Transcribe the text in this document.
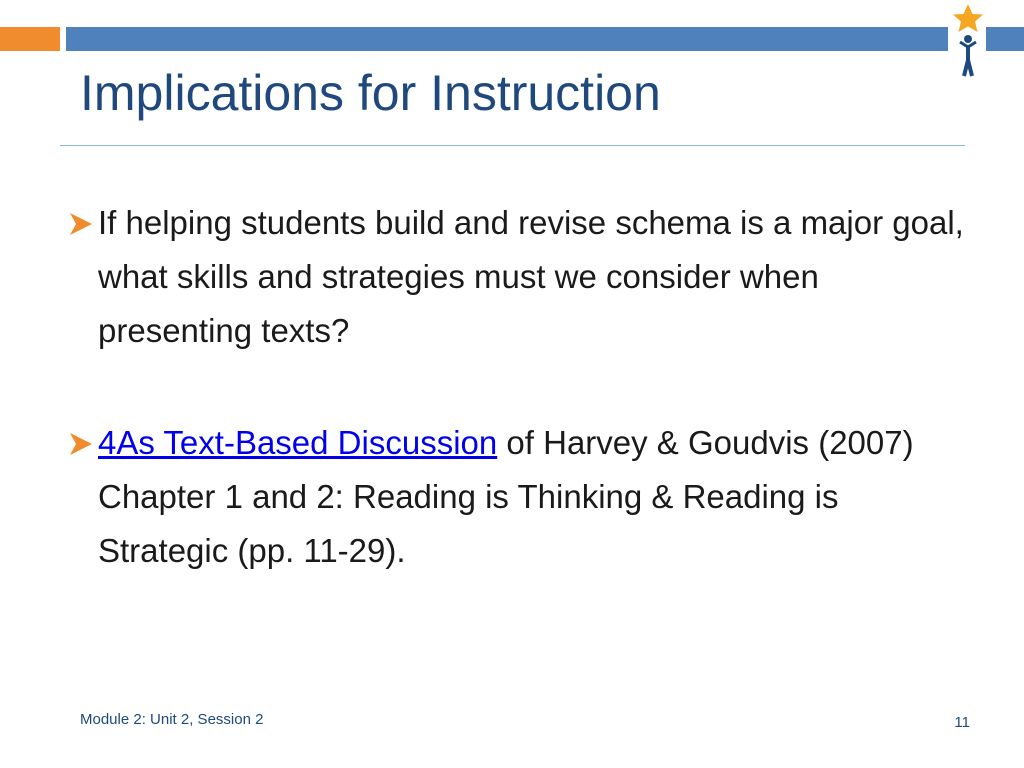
Implications for Instruction
If helping students build and revise schema is a major goal, what skills and strategies must we consider when presenting texts?
4As Text-Based Discussion of Harvey & Goudvis (2007) Chapter 1 and 2: Reading is Thinking & Reading is Strategic (pp. 11-29).
Module 2: Unit 2, Session 2	11
